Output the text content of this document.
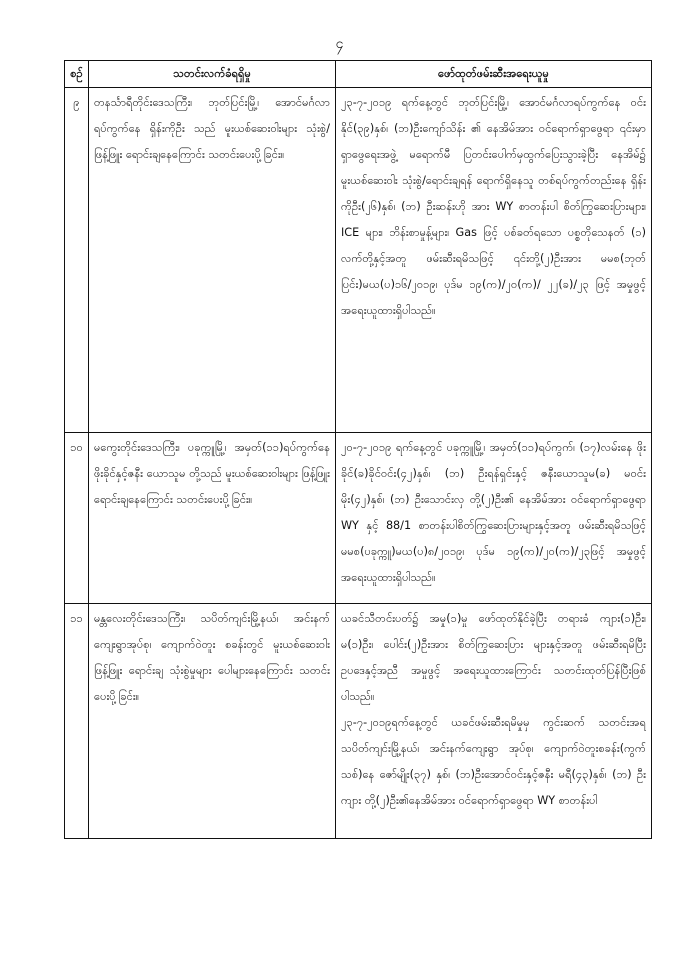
၄
စဉ်	သတင်းလက်ခံရရှိမှု	ဖော်ထုတ်ဖမ်းဆီးအရေးယူမှု
၉	တနင်္သာရီတိုင်းဒေသကြီး၊ ဘုတ်ပြင်းမြို့၊ အောင်မင်္ဂလာရပ်ကွက်နေ ရှိန်းကိုဦး သည် မူးယစ်ဆေးဝါးများ သုံးစွဲ/ဖြန့်ဖြူး ရောင်းချနေကြောင်း သတင်းပေးပို့ခြင်း။	၂၃-၇-၂၀၁၉ ရက်နေ့တွင် ဘုတ်ပြင်းမြို့၊ အောင်မင်္ဂလာရပ်ကွက်နေ ဝင်းနိုင်(၃၉)နှစ်၊ (ဘ)ဦးကျော်သိန်း ၏ နေအိမ်အား ဝင်ရောက်ရှာဖွေရာ ၎င်းမှာ ရှာဖွေရေးအဖွဲ့ မရောက်မီ ပြတင်းပေါက်မှထွက်ပြေးသွားခဲ့ပြီး နေအိမ်၌ မူးယစ်ဆေးဝါး သုံးစွဲ/ရောင်းချရန် ရောက်ရှိနေသူ တစ်ရပ်ကွက်တည်းနေ ရှိန်းကိုဦး(၂၆)နှစ်၊ (ဘ) ဦးဆန်းဟို အား WY စာတန်းပါ စိတ်ကြွဆေးပြားများ၊ ICE များ၊ ဘိန်းစာမှုန့်များ၊ Gas ဖြင့် ပစ်ခတ်ရသော ပစ္စတိုသေနတ် (၁) လက်တို့နှင့်အတူ ဖမ်းဆီးရမိသဖြင့် ၎င်းတို့(၂)ဦးအား မမစ(ဘုတ်ပြင်း)မယ(ပ)၁၆/၂၀၁၉၊ ပုဒ်မ ၁၉(က)/၂၀(က)/ ၂၂(ခ)/၂၃ ဖြင့် အမှုဖွင့် အရေးယူထားရှိပါသည်။

၁၀	မကွေးတိုင်းဒေသကြီး၊ ပခုက္ကူမြို့၊ အမှတ်(၁၁)ရပ်ကွက်နေ ဖိုးခိုင်နှင့်ဇနီး ယောသူမ တို့သည် မူးယစ်ဆေးဝါးများ ဖြန့်ဖြူး ရောင်းချနေကြောင်း သတင်းပေးပို့ခြင်း။	၂၀-၇-၂၀၁၉ ရက်နေ့တွင် ပခုက္ကူမြို့၊ အမှတ်(၁၁)ရပ်ကွက်၊ (၁၇)လမ်းနေ ဖိုးခိုင်(ခ)ခိုင်ဝင်း(၄၂)နှစ်၊ (ဘ) ဦးရန်ရှင်းနှင့် ဇနီးယောသူမ(ခ) မဝင်းမိုး(၄၂)နှစ်၊ (ဘ) ဦးသောင်းလှ တို့(၂)ဦး၏ နေအိမ်အား ဝင်ရောက်ရှာဖွေရာ WY နှင့် 88/1 စာတန်းပါစိတ်ကြွဆေးပြားများနှင့်အတူ ဖမ်းဆီးရမိသဖြင့် မမစ(ပခုက္ကူ)မယ(ပ)၈/၂၀၁၉၊ ပုဒ်မ ၁၉(က)/၂၀(က)/၂၃ဖြင့် အမှုဖွင့် အရေးယူထားရှိပါသည်။

၁၁	မန္တလေးတိုင်းဒေသကြီး၊ သပိတ်ကျင်းမြို့နယ်၊ အင်းနက်ကျေးရွာအုပ်စု၊ ကျောက်ဝဲတူး စခန်းတွင် မူးယစ်ဆေးဝါးဖြန့်ဖြူး ရောင်းချ သုံးစွဲမှုများ ပေါများနေကြောင်း သတင်း ပေးပို့ခြင်း။	ယခင်သီတင်းပတ်၌ အမှု(၁)မှု ဖော်ထုတ်နိုင်ခဲ့ပြီး တရားခံ ကျား(၁)ဦး၊ မ(၁)ဦး၊ ပေါင်း(၂)ဦးအား စိတ်ကြွဆေးပြား များနှင့်အတူ ဖမ်းဆီးရမိပြီး ဥပဒေနှင့်အညီ အမှုဖွင့် အရေးယူထားကြောင်း သတင်းထုတ်ပြန်ပြီးဖြစ်ပါသည်။
၂၃-၇-၂၀၁၉ရက်နေ့တွင် ယခင်ဖမ်းဆီးရမိမှုမှ ကွင်းဆက် သတင်းအရ သပိတ်ကျင်းမြို့နယ်၊ အင်းနက်ကျေးရွာ အုပ်စု၊ ကျောက်ဝဲတူးစခန်း(ကွက်သစ်)နေ ဇော်မျိုး(၃၇) နှစ်၊ (ဘ)ဦးအောင်ဝင်းနှင့်ဇနီး မရီ(၄၃)နှစ်၊ (ဘ) ဦးကျား တို့(၂)ဦး၏နေအိမ်အား ဝင်ရောက်ရှာဖွေရာ WY စာတန်းပါ
